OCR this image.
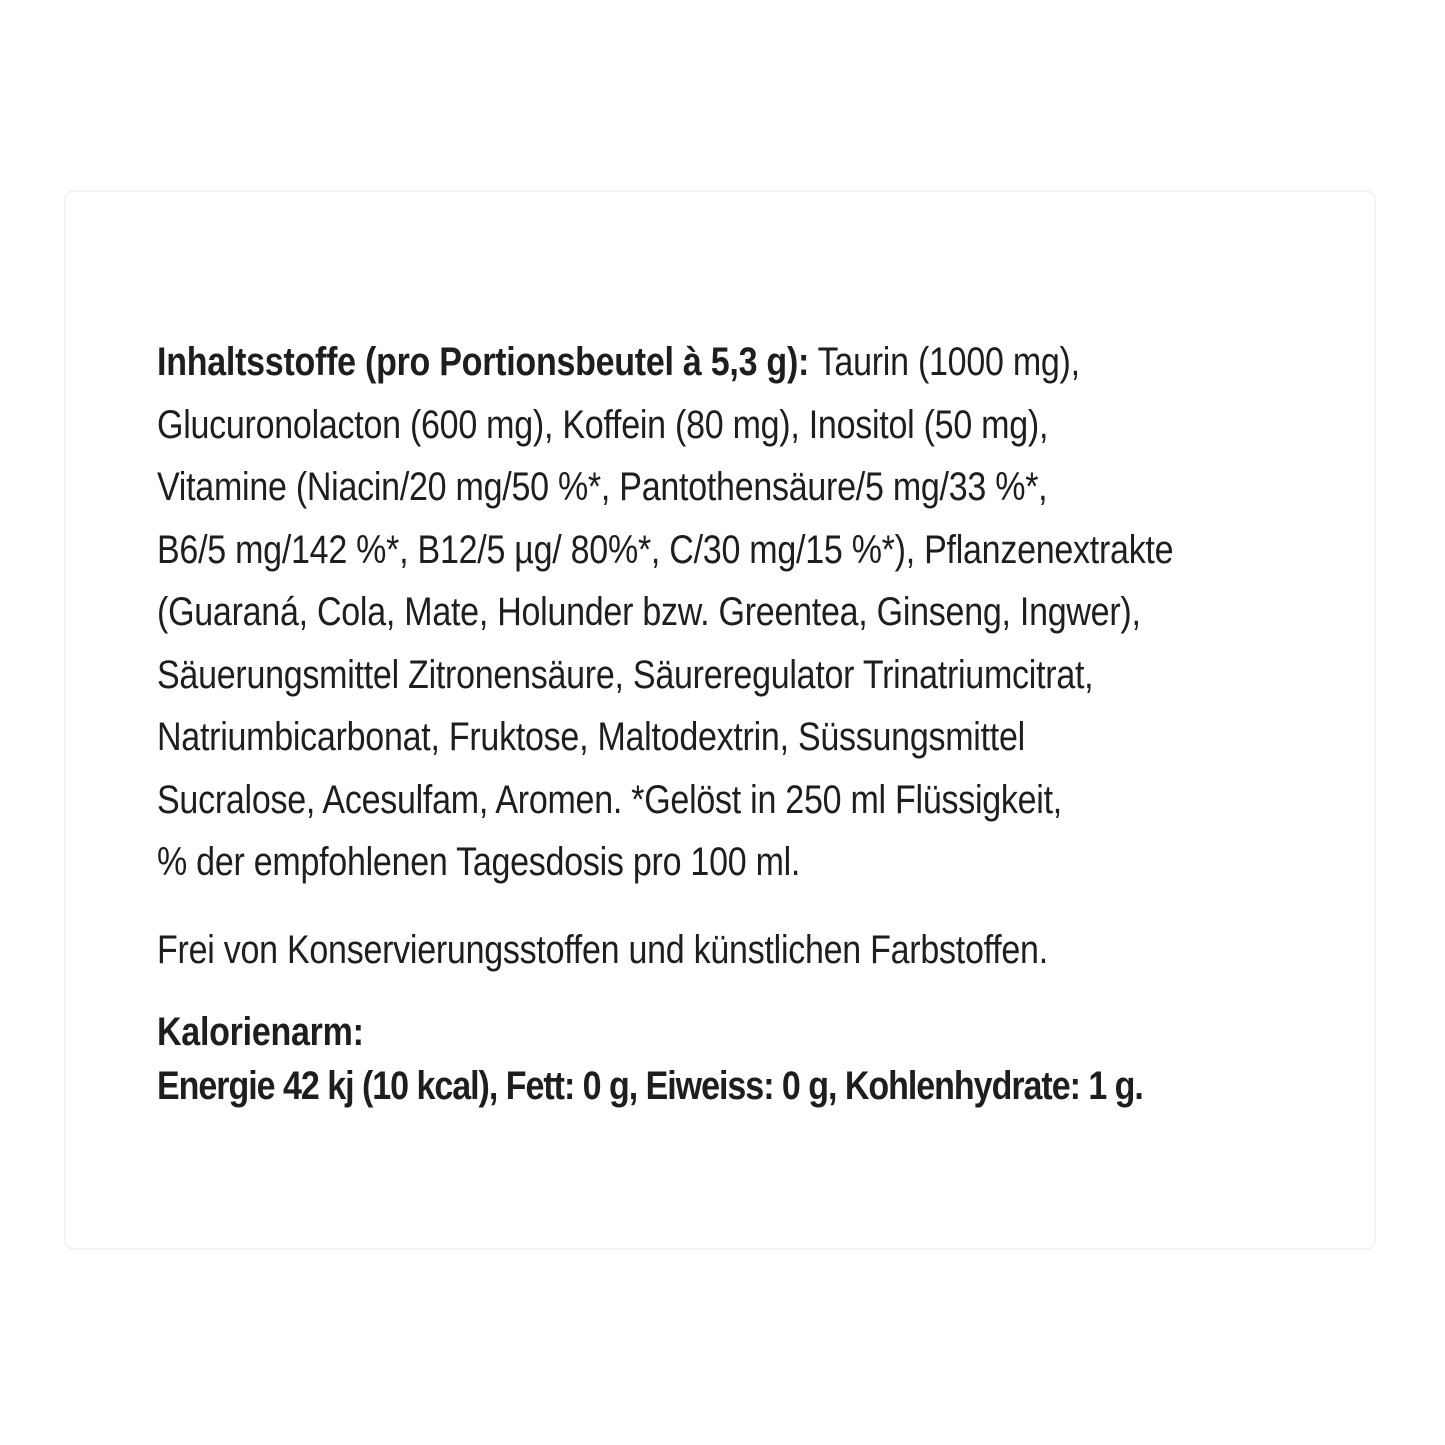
Inhaltsstoffe (pro Portionsbeutel à 5,3 g): Taurin (1000 mg),
Glucuronolacton (600 mg), Koffein (80 mg), Inositol (50 mg),
Vitamine (Niacin/20 mg/50 %*, Pantothensäure/5 mg/33 %*,
B6/5 mg/142 %*, B12/5 µg/ 80%*, C/30 mg/15 %*), Pflanzenextrakte
(Guaraná, Cola, Mate, Holunder bzw. Greentea, Ginseng, Ingwer),
Säuerungsmittel Zitronensäure, Säureregulator Trinatriumcitrat,
Natriumbicarbonat, Fruktose, Maltodextrin, Süssungsmittel
Sucralose, Acesulfam, Aromen. *Gelöst in 250 ml Flüssigkeit,
% der empfohlenen Tagesdosis pro 100 ml.
Frei von Konservierungsstoffen und künstlichen Farbstoffen.
Kalorienarm:
Energie 42 kj (10 kcal), Fett: 0 g, Eiweiss: 0 g, Kohlenhydrate: 1 g.
